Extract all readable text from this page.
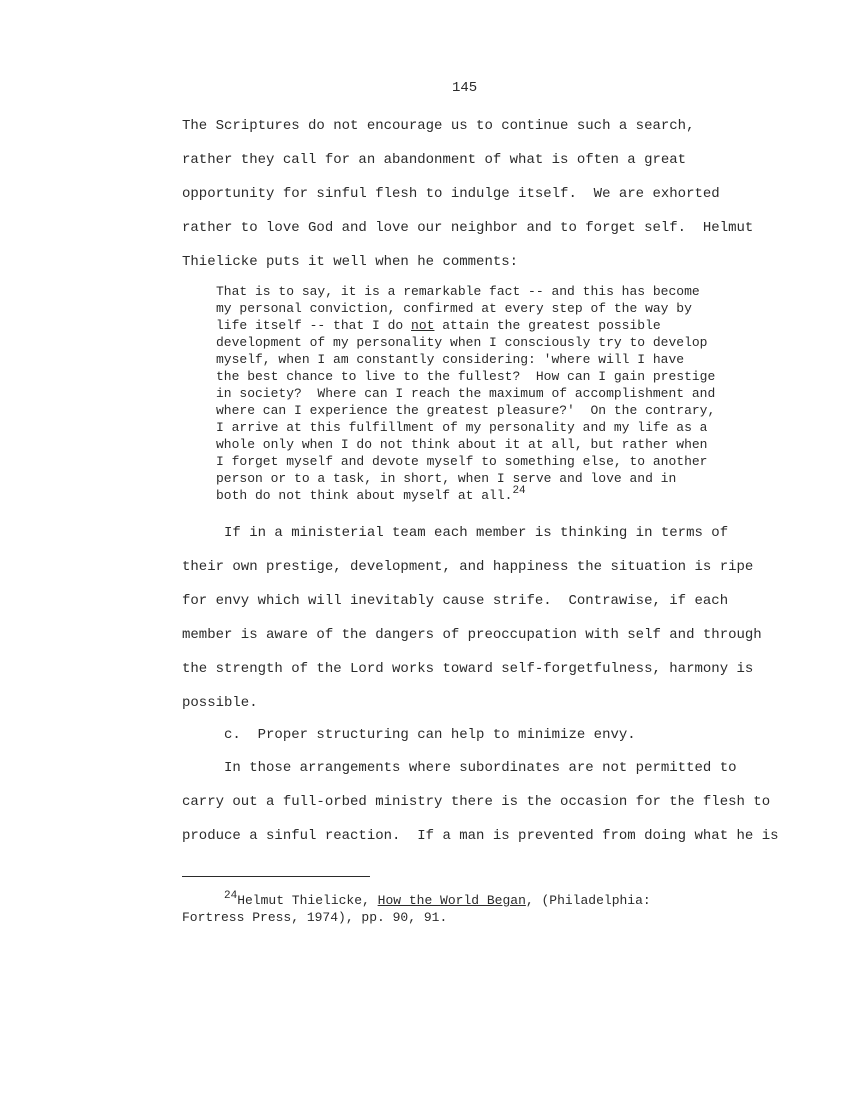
145
The Scriptures do not encourage us to continue such a search,
rather they call for an abandonment of what is often a great
opportunity for sinful flesh to indulge itself.  We are exhorted
rather to love God and love our neighbor and to forget self.  Helmut
Thielicke puts it well when he comments:
That is to say, it is a remarkable fact -- and this has become
my personal conviction, confirmed at every step of the way by
life itself -- that I do not attain the greatest possible
development of my personality when I consciously try to develop
myself, when I am constantly considering: 'where will I have
the best chance to live to the fullest?  How can I gain prestige
in society?  Where can I reach the maximum of accomplishment and
where can I experience the greatest pleasure?'  On the contrary,
I arrive at this fulfillment of my personality and my life as a
whole only when I do not think about it at all, but rather when
I forget myself and devote myself to something else, to another
person or to a task, in short, when I serve and love and in
both do not think about myself at all.$^{24}$
If in a ministerial team each member is thinking in terms of
their own prestige, development, and happiness the situation is ripe
for envy which will inevitably cause strife.  Contrawise, if each
member is aware of the dangers of preoccupation with self and through
the strength of the Lord works toward self-forgetfulness, harmony is
possible.
c.  Proper structuring can help to minimize envy.
In those arrangements where subordinates are not permitted to
carry out a full-orbed ministry there is the occasion for the flesh to
produce a sinful reaction.  If a man is prevented from doing what he is
$^{24}$Helmut Thielicke, How the World Began, (Philadelphia:
Fortress Press, 1974), pp. 90, 91.
